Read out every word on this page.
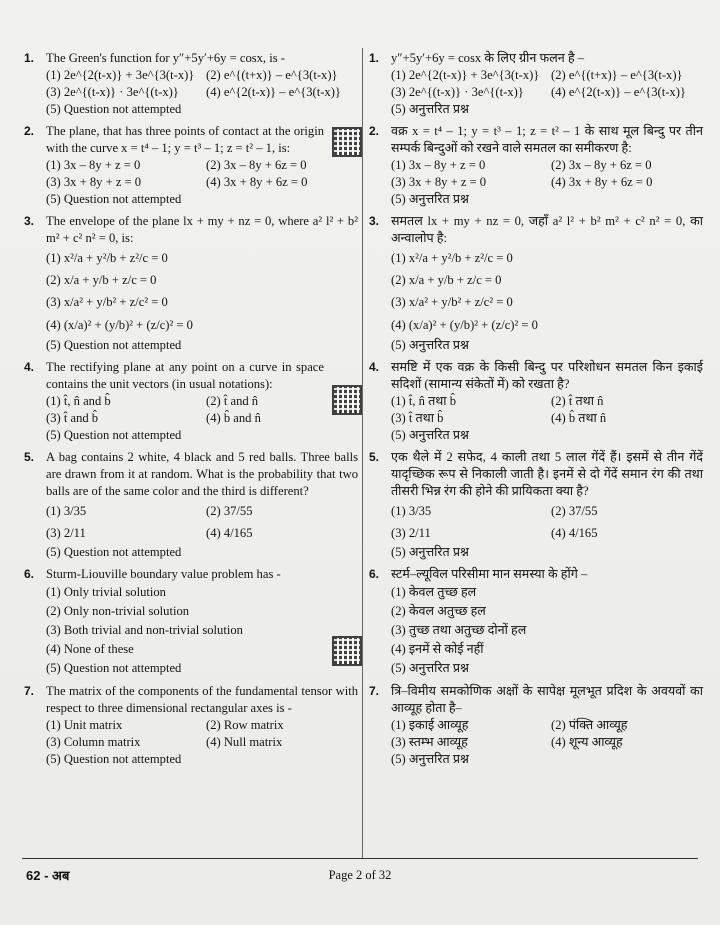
1. The Green's function for y″+5y′+6y = cosx, is -
(1) 2e^{2(t-x)} + 3e^{3(t-x)} (2) e^{(t+x)} – e^{3(t-x)}
(3) 2e^{(t-x)} · 3e^{(t-x)}	(4) e^{2(t-x)} – e^{3(t-x)}
(5) Question not attempted
2. The plane, that has three points of contact at the origin with the curve x = t⁴ – 1; y = t³ – 1; z = t² – 1, is:
(1) 3x – 8y + z = 0	(2) 3x – 8y + 6z = 0
(3) 3x + 8y + z = 0	(4) 3x + 8y + 6z = 0
(5) Question not attempted
3. The envelope of the plane lx + my + nz = 0, where a² l² + b² m² + c² n² = 0, is:
(1) x²/a + y²/b + z²/c = 0
(2) x/a + y/b + z/c = 0
(3) x/a² + y/b² + z/c² = 0
(4) (x/a)² + (y/b)² + (z/c)² = 0
(5) Question not attempted
4. The rectifying plane at any point on a curve in space contains the unit vectors (in usual notations):
(1) t̂, n̂ and b̂	(2) t̂ and n̂
(3) t̂ and b̂	(4) b̂ and n̂
(5) Question not attempted
5. A bag contains 2 white, 4 black and 5 red balls. Three balls are drawn from it at random. What is the probability that two balls are of the same color and the third is different?
(1) 3/35	(2) 37/55
(3) 2/11	(4) 4/165
(5) Question not attempted
6. Sturm-Liouville boundary value problem has -
(1) Only trivial solution
(2) Only non-trivial solution
(3) Both trivial and non-trivial solution
(4) None of these
(5) Question not attempted
7. The matrix of the components of the fundamental tensor with respect to three dimensional rectangular axes is -
(1) Unit matrix	(2) Row matrix
(3) Column matrix	(4) Null matrix
(5) Question not attempted
1. y″+5y′+6y = cosx के लिए ग्रीन फलन है –
(1) 2e^{2(t-x)} + 3e^{3(t-x)} (2) e^{(t+x)} – e^{3(t-x)}
(3) 2e^{(t-x)} · 3e^{(t-x)}	(4) e^{2(t-x)} – e^{3(t-x)}
(5) अनुत्तरित प्रश्न
2. वक्र x = t⁴ – 1; y = t³ – 1; z = t² – 1 के साथ मूल बिन्दु पर तीन सम्पर्क बिन्दुओं को रखने वाले समतल का समीकरण है:
(1) 3x – 8y + z = 0	(2) 3x – 8y + 6z = 0
(3) 3x + 8y + z = 0	(4) 3x + 8y + 6z = 0
(5) अनुत्तरित प्रश्न
3. समतल lx + my + nz = 0, जहाँ a² l² + b² m² + c² n² = 0, का अन्वालोप है:
(1) x²/a + y²/b + z²/c = 0
(2) x/a + y/b + z/c = 0
(3) x/a² + y/b² + z/c² = 0
(4) (x/a)² + (y/b)² + (z/c)² = 0
(5) अनुत्तरित प्रश्न
4. समष्टि में एक वक्र के किसी बिन्दु पर परिशोधन समतल किन इकाई सदिशों (सामान्य संकेतों में) को रखता है?
(1) t̂, n̂ तथा b̂	(2) t̂ तथा n̂
(3) t̂ तथा b̂	(4) b̂ तथा n̂
(5) अनुत्तरित प्रश्न
5. एक थैले में 2 सफेद, 4 काली तथा 5 लाल गेंदें हैं। इसमें से तीन गेंदें यादृच्छिक रूप से निकाली जाती है। इनमें से दो गेंदें समान रंग की तथा तीसरी भिन्न रंग की होने की प्रायिकता क्या है?
(1) 3/35	(2) 37/55
(3) 2/11	(4) 4/165
(5) अनुत्तरित प्रश्न
6. स्टर्म–ल्यूविल परिसीमा मान समस्या के होंगे –
(1) केवल तुच्छ हल
(2) केवल अतुच्छ हल
(3) तुच्छ तथा अतुच्छ दोनों हल
(4) इनमें से कोई नहीं
(5) अनुत्तरित प्रश्न
7. त्रि–विमीय समकोणिक अक्षों के सापेक्ष मूलभूत प्रदिश के अवयवों का आव्यूह होता है–
(1) इकाई आव्यूह	(2) पंक्ति आव्यूह
(3) स्तम्भ आव्यूह	(4) शून्य आव्यूह
(5) अनुत्तरित प्रश्न
62 - ‌अब	Page 2 of 32
